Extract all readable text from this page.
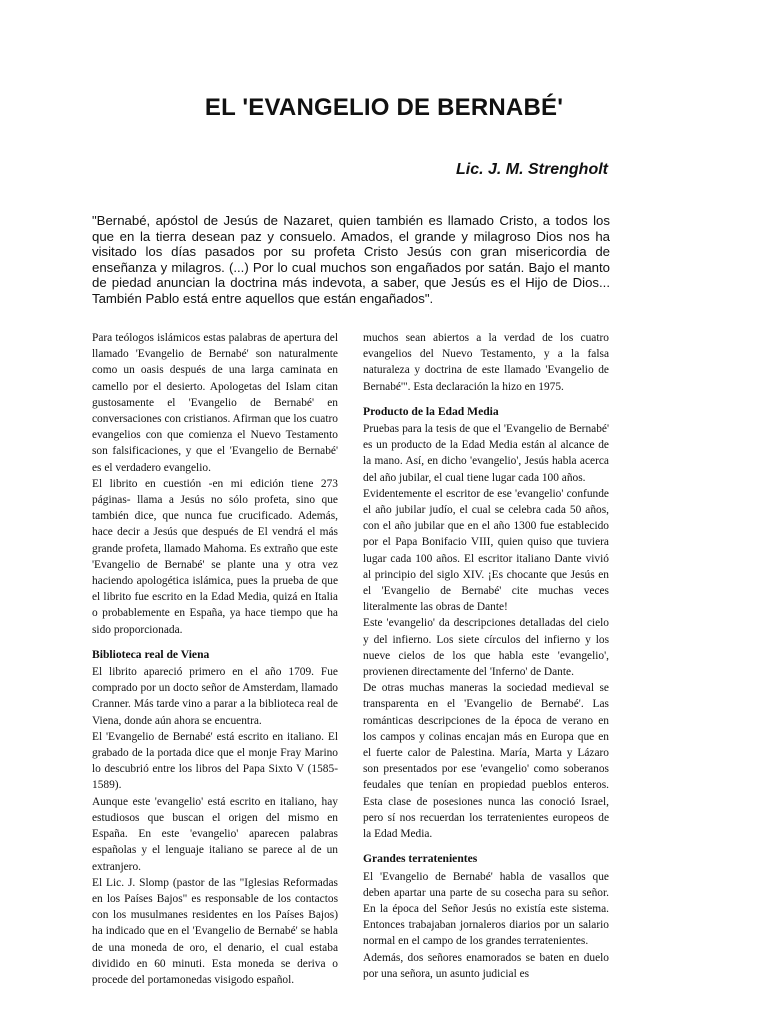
EL 'EVANGELIO DE BERNABÉ'
Lic. J. M. Strengholt

"Bernabé, apóstol de Jesús de Nazaret, quien también es llamado Cristo, a todos los que en la tierra desean paz y consuelo. Amados, el grande y milagroso Dios nos ha visitado los días pasados por su profeta Cristo Jesús con gran misericordia de enseñanza y milagros. (...) Por lo cual muchos son engañados por satán. Bajo el manto de piedad anuncian la doctrina más indevota, a saber, que Jesús es el Hijo de Dios... También Pablo está entre aquellos que están engañados".

Para teólogos islámicos estas palabras de apertura del llamado 'Evangelio de Bernabé' son naturalmente como un oasis después de una larga caminata en camello por el desierto. Apologetas del Islam citan gustosamente el 'Evangelio de Bernabé' en conversaciones con cristianos. Afirman que los cuatro evangelios con que comienza el Nuevo Testamento son falsificaciones, y que el 'Evangelio de Bernabé' es el verdadero evangelio.

El librito en cuestión -en mi edición tiene 273 páginas- llama a Jesús no sólo profeta, sino que también dice, que nunca fue crucificado. Además, hace decir a Jesús que después de El vendrá el más grande profeta, llamado Mahoma. Es extraño que este 'Evangelio de Bernabé' se plante una y otra vez haciendo apologética islámica, pues la prueba de que el librito fue escrito en la Edad Media, quizá en Italia o probablemente en España, ya hace tiempo que ha sido proporcionada.

Biblioteca real de Viena

El librito apareció primero en el año 1709. Fue comprado por un docto señor de Amsterdam, llamado Cranner. Más tarde vino a parar a la biblioteca real de Viena, donde aún ahora se encuentra.

El 'Evangelio de Bernabé' está escrito en italiano. El grabado de la portada dice que el monje Fray Marino lo descubrió entre los libros del Papa Sixto V (1585-1589).

Aunque este 'evangelio' está escrito en italiano, hay estudiosos que buscan el origen del mismo en España. En este 'evangelio' aparecen palabras españolas y el lenguaje italiano se parece al de un extranjero.

El Lic. J. Slomp (pastor de las "Iglesias Reformadas en los Países Bajos" es responsable de los contactos con los musulmanes residentes en los Países Bajos) ha indicado que en el 'Evangelio de Bernabé' se habla de una moneda de oro, el denario, el cual estaba dividido en 60 minuti. Esta moneda se deriva o procede del portamonedas visigodo español.

muchos sean abiertos a la verdad de los cuatro evangelios del Nuevo Testamento, y a la falsa naturaleza y doctrina de este llamado 'Evangelio de Bernabé'". Esta declaración la hizo en 1975.

Producto de la Edad Media

Pruebas para la tesis de que el 'Evangelio de Bernabé' es un producto de la Edad Media están al alcance de la mano. Así, en dicho 'evangelio', Jesús habla acerca del año jubilar, el cual tiene lugar cada 100 años.

Evidentemente el escritor de ese 'evangelio' confunde el año jubilar judío, el cual se celebra cada 50 años, con el año jubilar que en el año 1300 fue establecido por el Papa Bonifacio VIII, quien quiso que tuviera lugar cada 100 años. El escritor italiano Dante vivió al principio del siglo XIV. ¡Es chocante que Jesús en el 'Evangelio de Bernabé' cite muchas veces literalmente las obras de Dante!

Este 'evangelio' da descripciones detalladas del cielo y del infierno. Los siete círculos del infierno y los nueve cielos de los que habla este 'evangelio', provienen directamente del 'Inferno' de Dante.

De otras muchas maneras la sociedad medieval se transparenta en el 'Evangelio de Bernabé'. Las románticas descripciones de la época de verano en los campos y colinas encajan más en Europa que en el fuerte calor de Palestina. María, Marta y Lázaro son presentados por ese 'evangelio' como soberanos feudales que tenían en propiedad pueblos enteros. Esta clase de posesiones nunca las conoció Israel, pero sí nos recuerdan los terratenientes europeos de la Edad Media.

Grandes terratenientes

El 'Evangelio de Bernabé' habla de vasallos que deben apartar una parte de su cosecha para su señor. En la época del Señor Jesús no existía este sistema. Entonces trabajaban jornaleros diarios por un salario normal en el campo de los grandes terratenientes.

Además, dos señores enamorados se baten en duelo por una señora, un asunto judicial es
